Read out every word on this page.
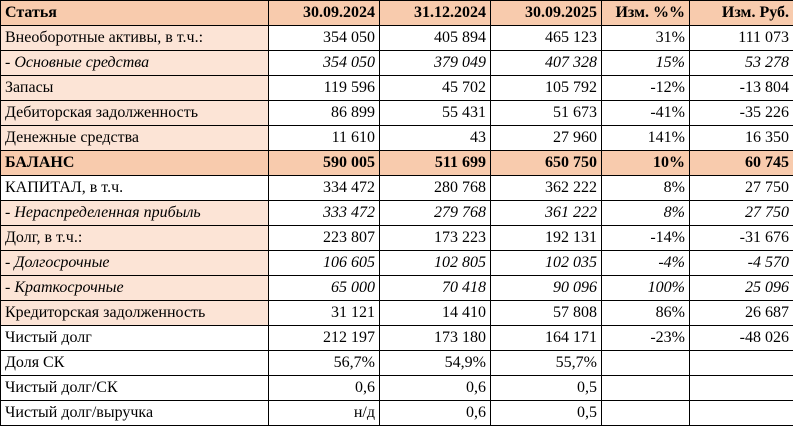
Статья	30.09.2024	31.12.2024	30.09.2025	Изм. %%	Изм. Руб.
Внеоборотные активы, в т.ч.:	354 050	405 894	465 123	31%	111 073
- Основные средства	354 050	379 049	407 328	15%	53 278
Запасы	119 596	45 702	105 792	-12%	-13 804
Дебиторская задолженность	86 899	55 431	51 673	-41%	-35 226
Денежные средства	11 610	43	27 960	141%	16 350
БАЛАНС	590 005	511 699	650 750	10%	60 745
КАПИТАЛ, в т.ч.	334 472	280 768	362 222	8%	27 750
- Нераспределенная прибыль	333 472	279 768	361 222	8%	27 750
Долг, в т.ч.:	223 807	173 223	192 131	-14%	-31 676
- Долгосрочные	106 605	102 805	102 035	-4%	-4 570
- Краткосрочные	65 000	70 418	90 096	100%	25 096
Кредиторская задолженность	31 121	14 410	57 808	86%	26 687
Чистый долг	212 197	173 180	164 171	-23%	-48 026
Доля СК	56,7%	54,9%	55,7%		
Чистый долг/СК	0,6	0,6	0,5		
Чистый долг/выручка	н/д	0,6	0,5		
